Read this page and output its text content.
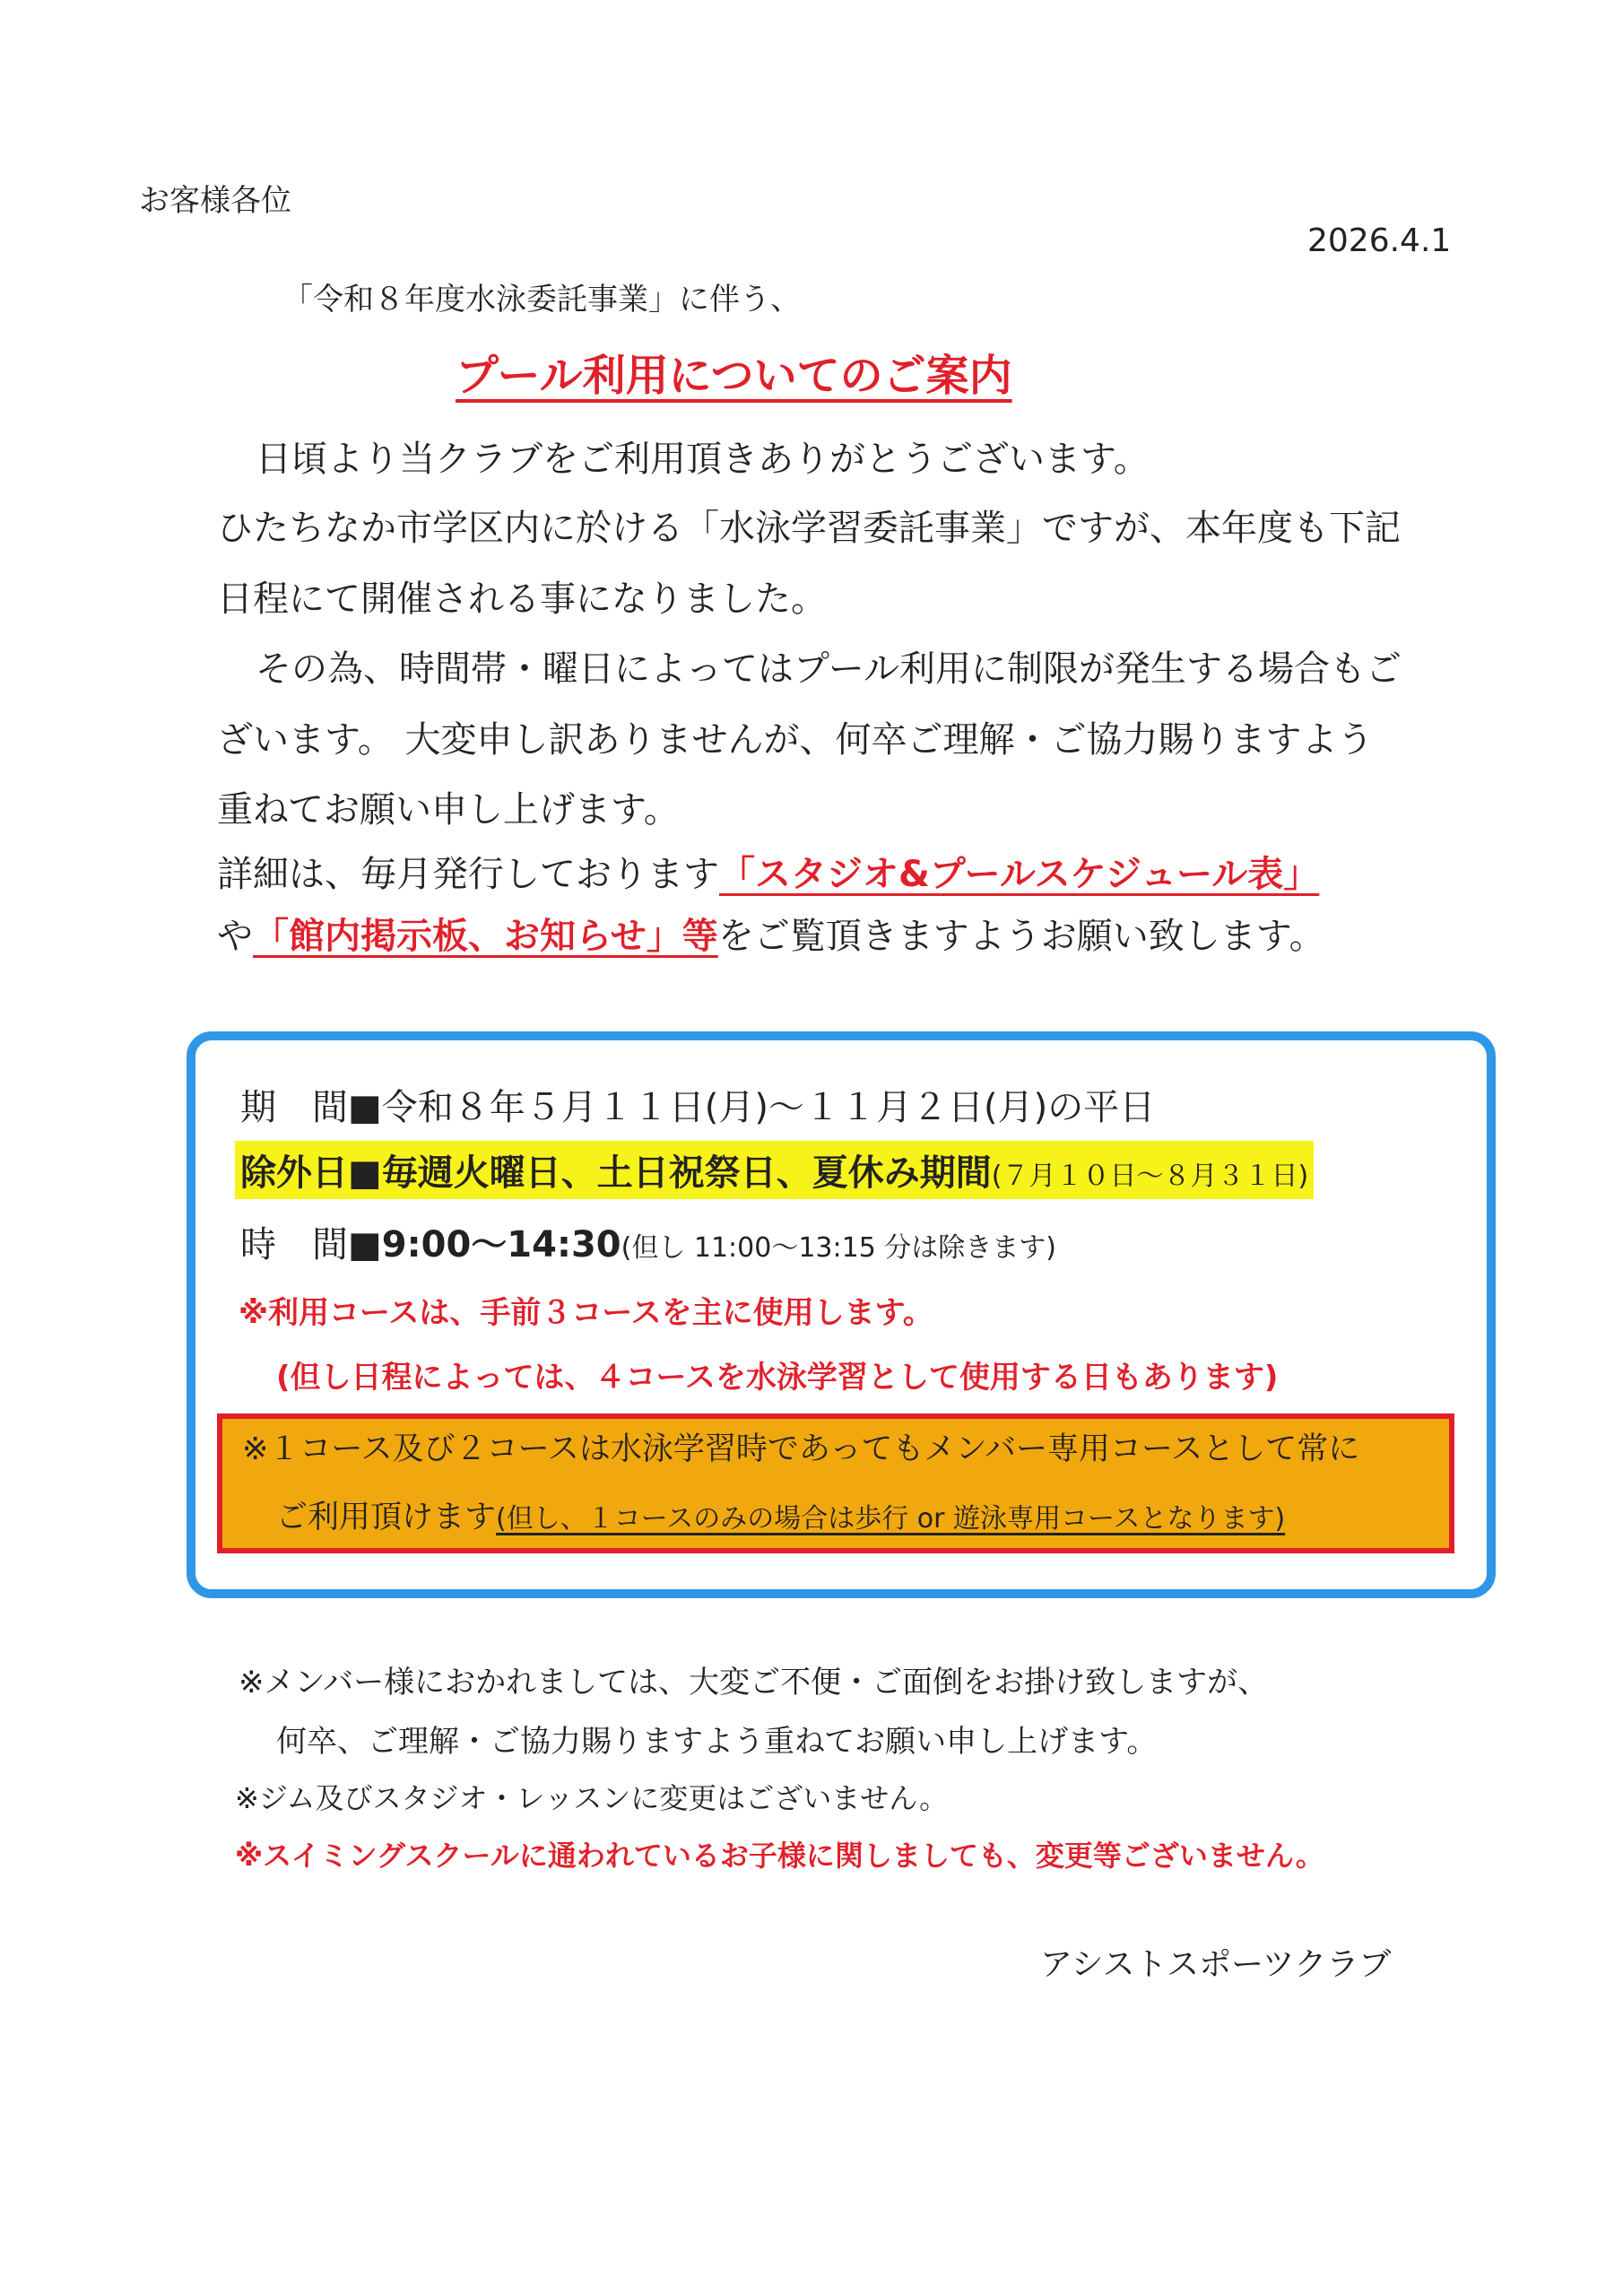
お客様各位
2026.4.1
「令和８年度水泳委託事業」に伴う、
プール利用についてのご案内
日頃より当クラブをご利用頂きありがとうございます。
ひたちなか市学区内に於ける「水泳学習委託事業」ですが、本年度も下記
日程にて開催される事になりました。
その為、時間帯・曜日によってはプール利用に制限が発生する場合もご
ざいます。 大変申し訳ありませんが、何卒ご理解・ご協力賜りますよう
重ねてお願い申し上げます。
詳細は、毎月発行しております「スタジオ&プールスケジュール表」
や「館内掲示板、お知らせ」等をご覧頂きますようお願い致します。
期　間■令和８年５月１１日(月)～１１月２日(月)の平日
除外日■毎週火曜日、土日祝祭日、夏休み期間(７月１０日～８月３１日)
時　間■9:00～14:30(但し 11:00～13:15 分は除きます)
※利用コースは、手前３コースを主に使用します。
(但し日程によっては、４コースを水泳学習として使用する日もあります)
※１コース及び２コースは水泳学習時であってもメンバー専用コースとして常に
ご利用頂けます(但し、１コースのみの場合は歩行 or 遊泳専用コースとなります)
※メンバー様におかれましては、大変ご不便・ご面倒をお掛け致しますが、
何卒、ご理解・ご協力賜りますよう重ねてお願い申し上げます。
※ジム及びスタジオ・レッスンに変更はございません。
※スイミングスクールに通われているお子様に関しましても、変更等ございません。
アシストスポーツクラブ
